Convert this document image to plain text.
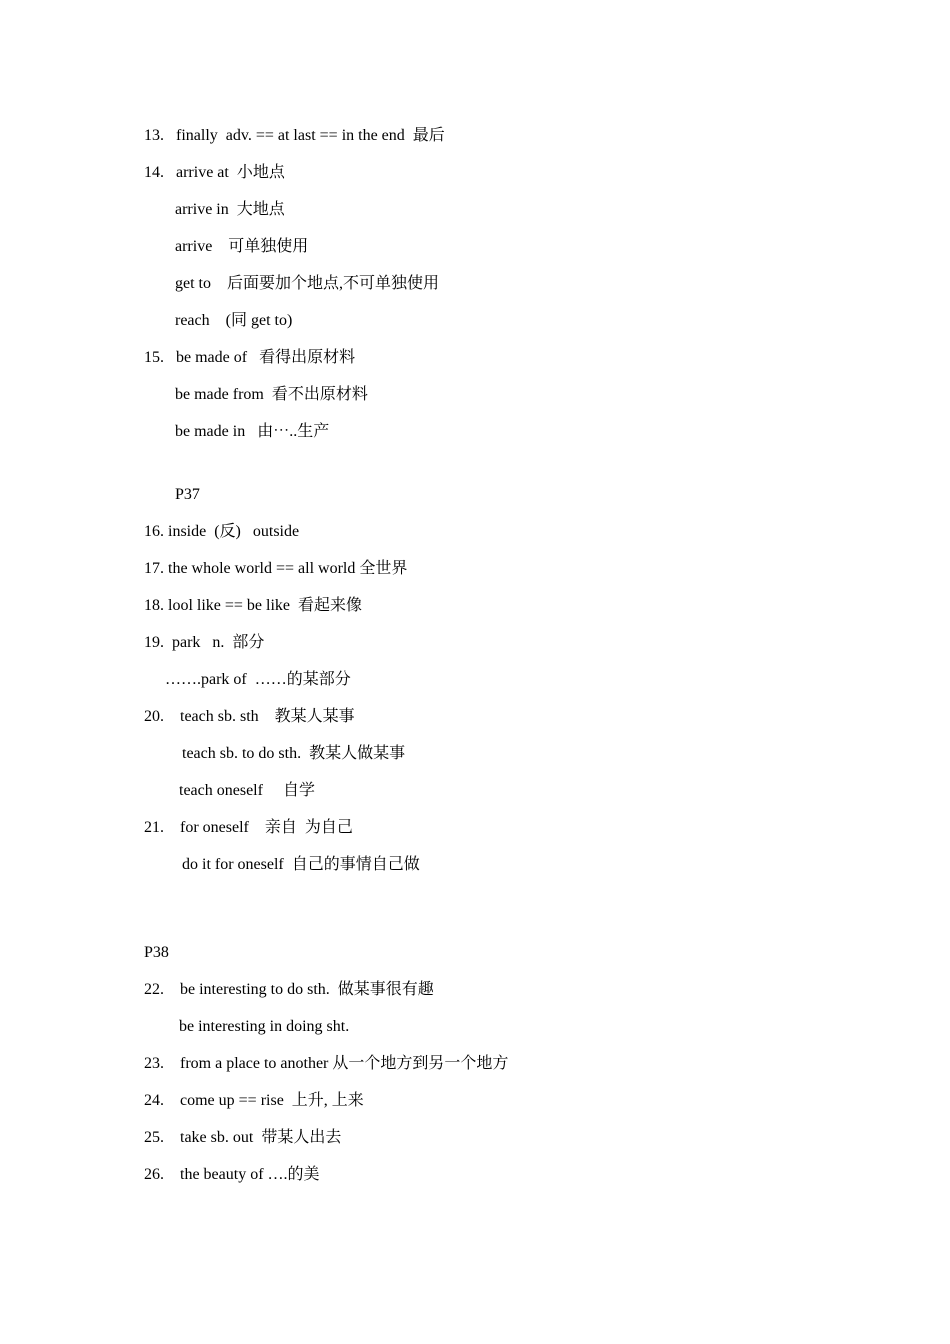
13.   finally  adv. == at last == in the end  最后
14.   arrive at  小地点
arrive in  大地点
arrive    可单独使用
get to    后面要加个地点,不可单独使用
reach    (同 get to)
15.   be made of   看得出原材料
be made from  看不出原材料
be made in   由⋯..生产
P37
16. inside  (反)   outside
17. the whole world == all world 全世界
18. lool like == be like  看起来像
19.  park   n.  部分
…….park of  ……的某部分
20.    teach sb. sth    教某人某事
teach sb. to do sth.  教某人做某事
teach oneself     自学
21.    for oneself    亲自  为自己
do it for oneself  自己的事情自己做
P38
22.    be interesting to do sth.  做某事很有趣
be interesting in doing sht.
23.    from a place to another 从一个地方到另一个地方
24.    come up == rise  上升, 上来
25.    take sb. out  带某人出去
26.    the beauty of ….的美
